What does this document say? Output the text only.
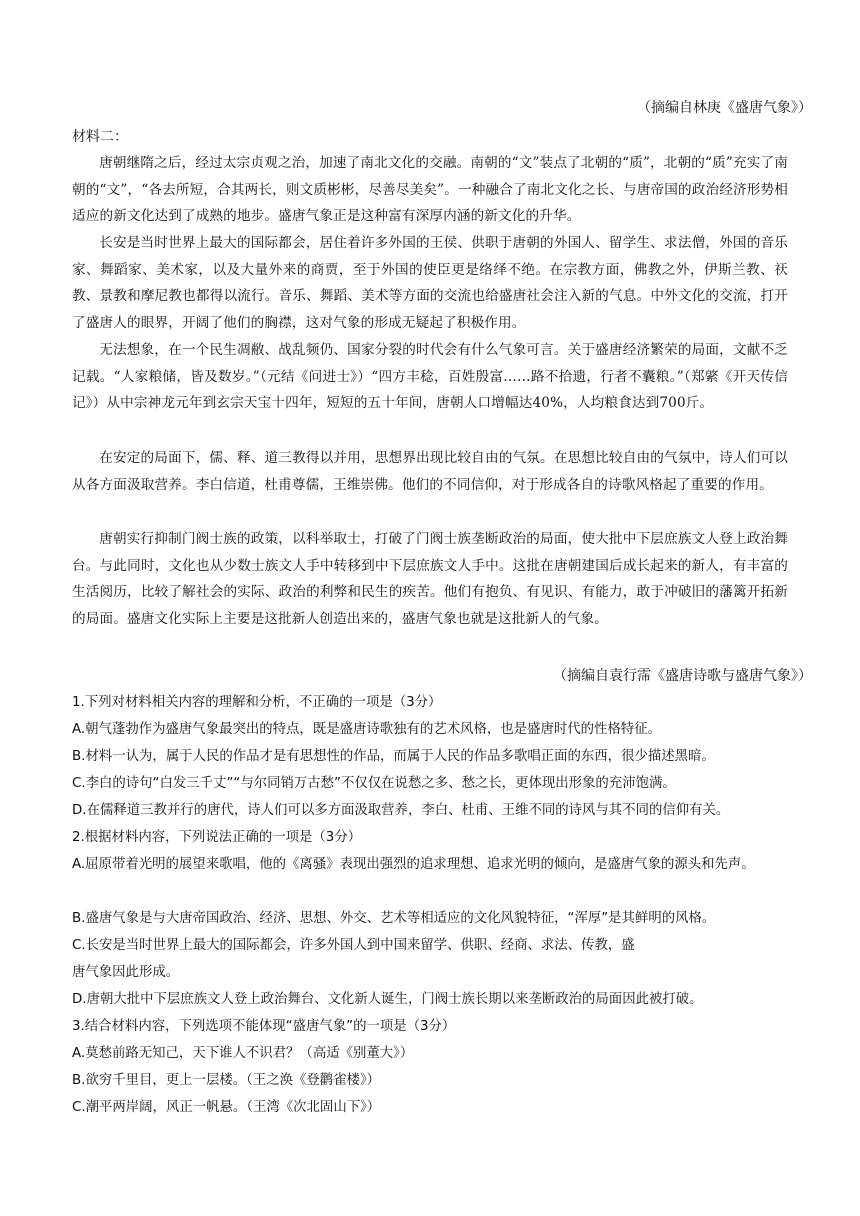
（摘编自林庚《盛唐气象》）
材料二：

唐朝继隋之后，经过太宗贞观之治，加速了南北文化的交融。南朝的“文”装点了北朝的“质”，北朝的“质”充实了南朝的“文”，“各去所短，合其两长，则文质彬彬，尽善尽美矣”。一种融合了南北文化之长、与唐帝国的政治经济形势相适应的新文化达到了成熟的地步。盛唐气象正是这种富有深厚内涵的新文化的升华。

长安是当时世界上最大的国际都会，居住着许多外国的王侯、供职于唐朝的外国人、留学生、求法僧，外国的音乐家、舞蹈家、美术家，以及大量外来的商贾，至于外国的使臣更是络绎不绝。在宗教方面，佛教之外，伊斯兰教、祆教、景教和摩尼教也都得以流行。音乐、舞蹈、美术等方面的交流也给盛唐社会注入新的气息。中外文化的交流，打开了盛唐人的眼界，开阔了他们的胸襟，这对气象的形成无疑起了积极作用。

无法想象，在一个民生凋敝、战乱频仍、国家分裂的时代会有什么气象可言。关于盛唐经济繁荣的局面，文献不乏记载。“人家粮储，皆及数岁。”（元结《问进士》）“四方丰稔，百姓殷富……路不拾遗，行者不囊粮。”（郑綮《开天传信记》）从中宗神龙元年到玄宗天宝十四年，短短的五十年间，唐朝人口增幅达40%，人均粮食达到700斤。

在安定的局面下，儒、释、道三教得以并用，思想界出现比较自由的气氛。在思想比较自由的气氛中，诗人们可以从各方面汲取营养。李白信道，杜甫尊儒，王维崇佛。他们的不同信仰，对于形成各自的诗歌风格起了重要的作用。

唐朝实行抑制门阀士族的政策，以科举取士，打破了门阀士族垄断政治的局面，使大批中下层庶族文人登上政治舞台。与此同时，文化也从少数士族文人手中转移到中下层庶族文人手中。这批在唐朝建国后成长起来的新人，有丰富的生活阅历，比较了解社会的实际、政治的利弊和民生的疾苦。他们有抱负、有见识、有能力，敢于冲破旧的藩篱开拓新的局面。盛唐文化实际上主要是这批新人创造出来的，盛唐气象也就是这批新人的气象。

（摘编自袁行霈《盛唐诗歌与盛唐气象》）

1.下列对材料相关内容的理解和分析，不正确的一项是（3分）

A.朝气蓬勃作为盛唐气象最突出的特点，既是盛唐诗歌独有的艺术风格，也是盛唐时代的性格特征。

B.材料一认为，属于人民的作品才是有思想性的作品，而属于人民的作品多歌唱正面的东西，很少描述黑暗。

C.李白的诗句“白发三千丈”“与尔同销万古愁”不仅仅在说愁之多、愁之长，更体现出形象的充沛饱满。

D.在儒释道三教并行的唐代，诗人们可以多方面汲取营养，李白、杜甫、王维不同的诗风与其不同的信仰有关。

2.根据材料内容，下列说法正确的一项是（3分）

A.屈原带着光明的展望来歌唱，他的《离骚》表现出强烈的追求理想、追求光明的倾向，是盛唐气象的源头和先声。

B.盛唐气象是与大唐帝国政治、经济、思想、外交、艺术等相适应的文化风貌特征，“浑厚”是其鲜明的风格。

C.长安是当时世界上最大的国际都会，许多外国人到中国来留学、供职、经商、求法、传教，盛

唐气象因此形成。

D.唐朝大批中下层庶族文人登上政治舞台、文化新人诞生，门阀士族长期以来垄断政治的局面因此被打破。

3.结合材料内容，下列选项不能体现“盛唐气象”的一项是（3分）

A.莫愁前路无知己，天下谁人不识君？（高适《别董大》）

B.欲穷千里目，更上一层楼。（王之涣《登鹳雀楼》）

C.潮平两岸阔，风正一帆悬。（王湾《次北固山下》）
